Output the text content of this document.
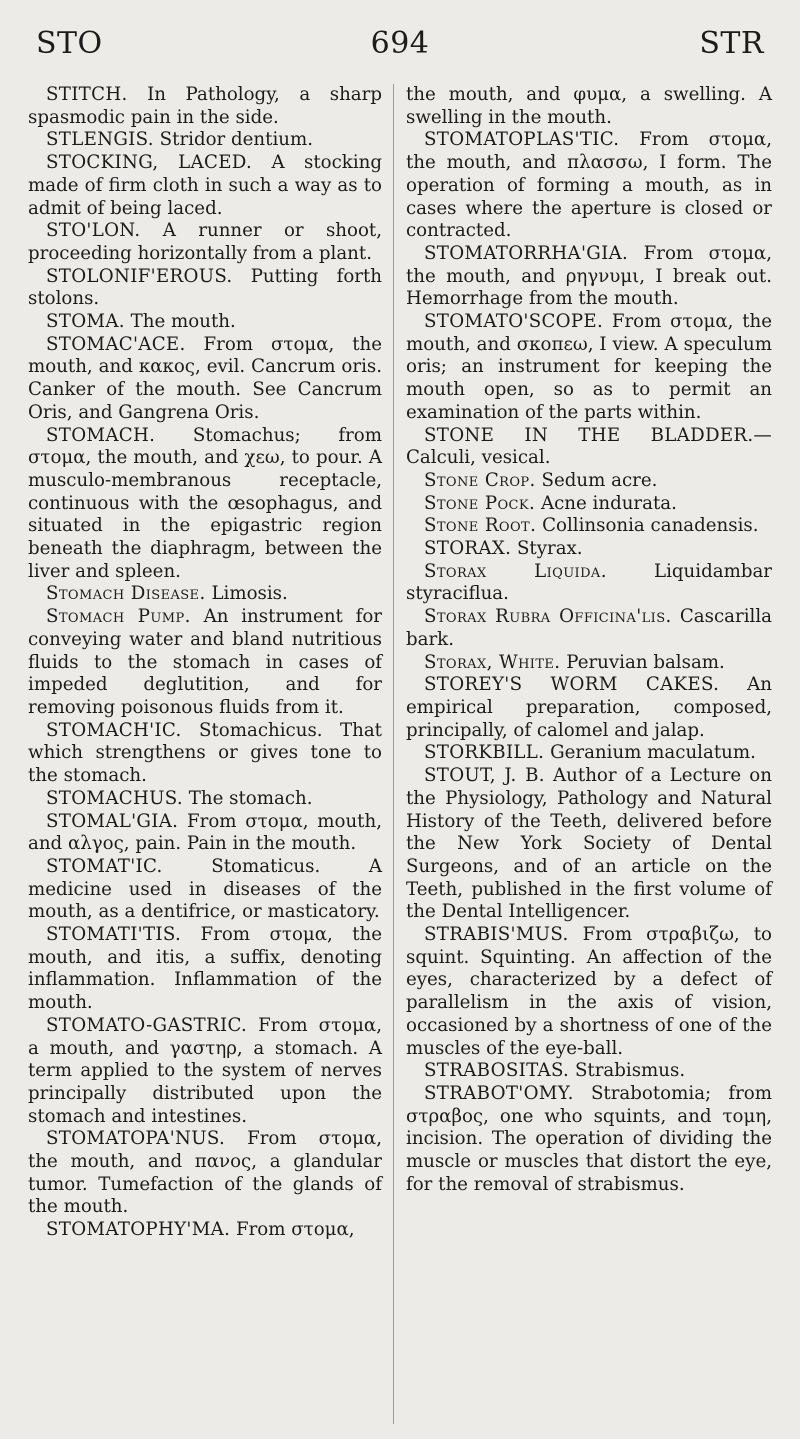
STO	694	STR

STITCH. In Pathology, a sharp spasmodic pain in the side.

STLENGIS. Stridor dentium.

STOCKING, LACED. A stocking made of firm cloth in such a way as to admit of being laced.

STO'LON. A runner or shoot, proceeding horizontally from a plant.

STOLONIF'EROUS. Putting forth stolons.

STOMA. The mouth.

STOMAC'ACE. From στομα, the mouth, and κακος, evil. Cancrum oris. Canker of the mouth. See Cancrum Oris, and Gangrena Oris.

STOMACH. Stomachus; from στομα, the mouth, and χεω, to pour. A musculo-membranous receptacle, continuous with the œsophagus, and situated in the epigastric region beneath the diaphragm, between the liver and spleen.

Stomach Disease. Limosis.

Stomach Pump. An instrument for conveying water and bland nutritious fluids to the stomach in cases of impeded deglutition, and for removing poisonous fluids from it.

STOMACH'IC. Stomachicus. That which strengthens or gives tone to the stomach.

STOMACHUS. The stomach.

STOMAL'GIA. From στομα, mouth, and αλγος, pain. Pain in the mouth.

STOMAT'IC.	Stomaticus. A medicine used in diseases of the mouth, as a dentifrice, or masticatory.

STOMATI'TIS. From στομα, the mouth, and itis, a suffix, denoting inflammation. Inflammation of the mouth.

STOMATO-GASTRIC. From στομα, a mouth, and γαστηρ, a stomach. A term applied to the system of nerves principally distributed upon the stomach and intestines.

STOMATOPA'NUS. From στομα, the mouth, and πανος, a glandular tumor. Tumefaction of the glands of the mouth.

STOMATOPHY'MA. From στομα,

the mouth, and φυμα, a swelling. A swelling in the mouth.

STOMATOPLAS'TIC. From στομα, the mouth, and πλασσω, I form. The operation of forming a mouth, as in cases where the aperture is closed or contracted.

STOMATORRHA'GIA. From στομα, the mouth, and ρηγνυμι, I break out. Hemorrhage from the mouth.

STOMATO'SCOPE. From στομα, the mouth, and σκοπεω, I view. A speculum oris; an instrument for keeping the mouth open, so as to permit an examination of the parts within.

STONE IN THE BLADDER.— Calculi, vesical.

Stone Crop. Sedum acre.

Stone Pock. Acne indurata.

Stone Root. Collinsonia canadensis.

STORAX. Styrax.

Storax Liquida.	Liquidambar styraciflua.

Storax Rubra Officina'lis. Cascarilla bark.

Storax, White. Peruvian balsam.

STOREY'S WORM CAKES. An empirical preparation, composed, principally, of calomel and jalap.

STORKBILL. Geranium maculatum.

STOUT, J. B. Author of a Lecture on the Physiology, Pathology and Natural History of the Teeth, delivered before the New York Society of Dental Surgeons, and of an article on the Teeth, published in the first volume of the Dental Intelligencer.

STRABIS'MUS. From στραβιζω, to squint. Squinting. An affection of the eyes, characterized by a defect of parallelism in the axis of vision, occasioned by a shortness of one of the muscles of the eye-ball.

STRABOSITAS. Strabismus.

STRABOT'OMY. Strabotomia; from στραβος, one who squints, and τομη, incision. The operation of dividing the muscle or muscles that distort the eye, for the removal of strabismus.
